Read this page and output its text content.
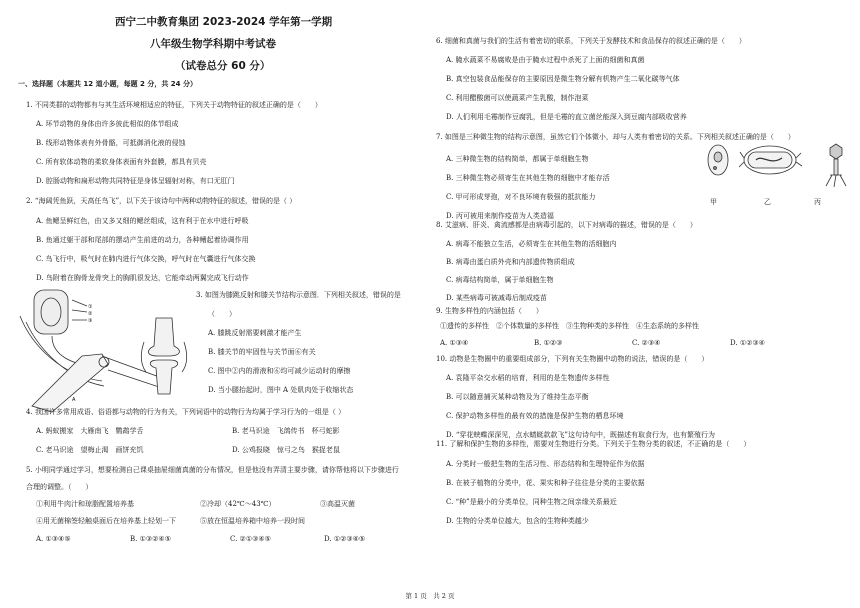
西宁二中教育集团 2023-2024 学年第一学期
八年级生物学科期中考试卷
（试卷总分 60 分）
一、选择题（本题共 12 道小题，每题 2 分，共 24 分）
1. 不同类群的动物都有与其生活环境相适应的特征，下列关于动物特征的叙述正确的是（　　）
A. 环节动物的身体由许多彼此相似的体节组成
B. 线形动物体表有外骨骼，可抵御消化液的侵蚀
C. 所有软体动物的柔软身体表面有外套膜，都具有贝壳
D. 腔肠动物和扁形动物共同特征是身体呈辐射对称，有口无肛门
2. “海阔凭鱼跃，天高任鸟飞”，以下关于该诗句中两种动物特征的叙述，错误的是（ ）
A. 鱼鳃呈鲜红色，由又多又细的鳃丝组成，这有利于在水中进行呼吸
B. 鱼通过躯干部和尾部的摆动产生前进的动力，各种鳍起着协调作用
C. 鸟飞行中，吸气时在肺内进行气体交换，呼气时在气囊进行气体交换
D. 鸟附着在胸骨龙骨突上的胸肌很发达，它能牵动两翼完成飞行动作
①
②
③
A
3. 如图为膝跳反射和膝关节结构示意图．下列相关叙述，错误的是
（　　）
A. 膝跳反射需要刺激才能产生
B. 膝关节的牢固性与关节面⑥有关
C. 图中②内的滑液和⑥均可减少运动时的摩擦
D. 当小腿抬起时，图中 A 处肌肉处于收缩状态
4. 我国许多常用成语、俗语都与动物的行为有关，下列词语中的动物行为均属于学习行为的一组是（ ）
A. 蚂蚁搬家　大雁南飞　鹦鹉学舌	B. 老马识途　飞鸽传书　杯弓蛇影
C. 老马识途　望梅止渴　画饼充饥	D. 公鸡报晓　惊弓之鸟　猴捉老鼠
5. 小明同学通过学习，想要检测自己课桌抽屉细菌真菌的分布情况，但是他没有弄清主要步骤，请你帮他将以下步骤进行
合理的调整。（　　）
①利用牛肉汁和琼脂配置培养基	②冷却（42℃～43℃）	③高温灭菌
④用无菌棉签轻触桌面后在培养基上轻划一下	⑤放在恒温培养箱中培养一段时间
A. ①③④⑤	B. ①③②④⑤	C. ②①③④⑤	D. ①②③④⑤
6. 细菌和真菌与我们的生活有着密切的联系，下列关于发酵技术和食品保存的叙述正确的是（　　）
A. 腌水蔬菜不易腐败是由于腌水过程中杀死了上面的细菌和真菌
B. 真空包装食品能保存的主要原因是微生物分解有机物产生二氧化碳等气体
C. 利用醋酸菌可以使蔬菜产生乳酸，制作泡菜
D. 人们利用毛霉制作豆腐乳，但是毛霉的直立菌丝能深入到豆腐内部吸收营养
7. 如图是三种微生物的结构示意图，虽然它们个体微小，却与人类有着密切的关系。下列相关叙述正确的是（　　）
A. 三种微生物的结构简单，都属于单细胞生物
B. 三种微生物必须寄生在其他生物的细胞中才能存活
C. 甲可形成芽孢，对不良环境有极强的抵抗能力
D. 丙可被用来制作疫苗为人类造福
甲	乙	丙
8. 艾滋病、肝炎、禽流感都是由病毒引起的，以下对病毒的描述，错误的是（　　）
A. 病毒不能独立生活，必须寄生在其他生物的活细胞内
B. 病毒由蛋白质外壳和内部遗传物质组成
C. 病毒结构简单，属于单细胞生物
D. 某些病毒可被减毒后制成疫苗
9. 生物多样性的内涵包括（　　）
①遗传的多样性　②个体数量的多样性　③生物种类的多样性　④生态系统的多样性
A. ①③④	B. ①②③	C. ②③④	D. ①②③④
10. 动物是生物圈中的重要组成部分，下列有关生物圈中动物的说法，错误的是（　　）
A. 袁隆平杂交水稻的培育，利用的是生物遗传多样性
B. 可以随意捕灭某种动物及为了维持生态平衡
C. 保护动物多样性的最有效的措施是保护生物的栖息环境
D. “穿花蛱蝶深深见，点水蜻蜓款款飞”这句诗句中，既描述有取食行为，也有繁殖行为
11. 了解和保护生物的多样性，需要对生物进行分类。下列关于生物分类的叙述，不正确的是（　　）
A. 分类时一般把生物的生活习性、形态结构和生理特征作为依据
B. 在被子植物的分类中，花、果实和种子往往是分类的主要依据
C. “种”是最小的分类单位，同种生物之间亲缘关系最近
D. 生物的分类单位越大，包含的生物种类越少
第 1 页　共 2 页
